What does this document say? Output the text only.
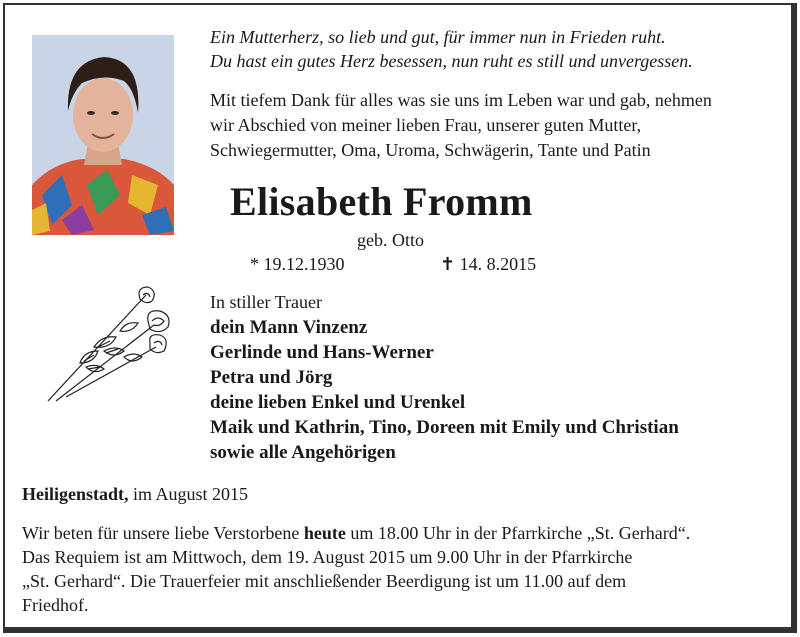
Ein Mutterherz, so lieb und gut, für immer nun in Frieden ruht.
Du hast ein gutes Herz besessen, nun ruht es still und unvergessen.
Mit tiefem Dank für alles was sie uns im Leben war und gab, nehmen
wir Abschied von meiner lieben Frau, unserer guten Mutter,
Schwiegermutter, Oma, Uroma, Schwägerin, Tante und Patin
Elisabeth Fromm
geb. Otto
* 19.12.1930	✝ 14. 8.2015
In stiller Trauer
dein Mann Vinzenz
Gerlinde und Hans-Werner
Petra und Jörg
deine lieben Enkel und Urenkel
Maik und Kathrin, Tino, Doreen mit Emily und Christian
sowie alle Angehörigen
Heiligenstadt, im August 2015
Wir beten für unsere liebe Verstorbene heute um 18.00 Uhr in der Pfarrkirche „St. Gerhard“.
Das Requiem ist am Mittwoch, dem 19. August 2015 um 9.00 Uhr in der Pfarrkirche
„St. Gerhard“. Die Trauerfeier mit anschließender Beerdigung ist um 11.00 auf dem
Friedhof.
